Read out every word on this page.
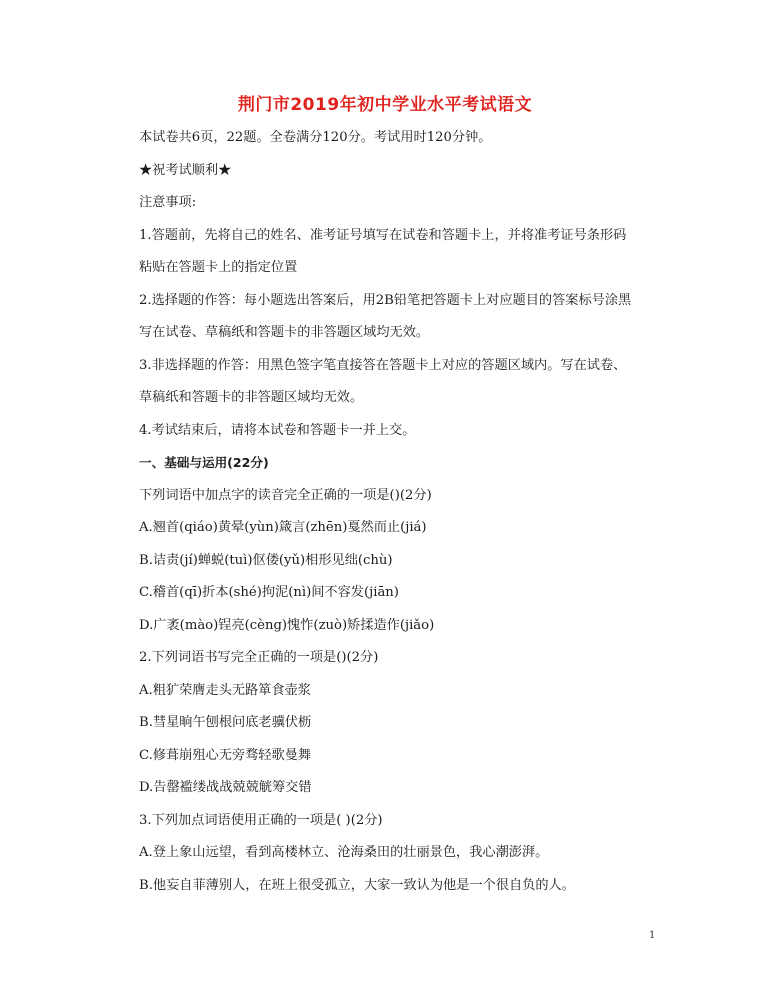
荆门市2019年初中学业水平考试语文
本试卷共6页，22题。全卷满分120分。考试用时120分钟。
★祝考试顺利★
注意事项:
1.答题前，先将自己的姓名、准考证号填写在试卷和答题卡上，并将准考证号条形码
粘贴在答题卡上的指定位置
2.选择题的作答：每小题选出答案后，用2B铅笔把答题卡上对应题目的答案标号涂黑
写在试卷、草稿纸和答题卡的非答题区域均无效。
3.非选择题的作答：用黑色签字笔直接答在答题卡上对应的答题区域内。写在试卷、
草稿纸和答题卡的非答题区域均无效。
4.考试结束后，请将本试卷和答题卡一并上交。
一、基础与运用(22分)
下列词语中加点字的读音完全正确的一项是()(2分)
A.翘首(qiáo)黄晕(yùn)箴言(zhēn)戛然而止(jiá)
B.诘责(jí)蝉蜕(tuì)伛偻(yǔ)相形见绌(chù)
C.稽首(qī)折本(shé)拘泥(nì)间不容发(jiān)
D.广袤(mào)锃亮(cèng)愧怍(zuò)矫揉造作(jiǎo)
2.下列词语书写完全正确的一项是()(2分)
A.粗犷荣膺走头无路箪食壶浆
B.彗星晌午刨根问底老骥伏枥
C.修葺崩殂心无旁骛轻歌曼舞
D.告罄褴缕战战兢兢觥筹交错
3.下列加点词语使用正确的一项是( )(2分)
A.登上象山远望，看到高楼林立、沧海桑田的壮丽景色，我心潮澎湃。
B.他妄自菲薄别人，在班上很受孤立，大家一致认为他是一个很自负的人。
1
